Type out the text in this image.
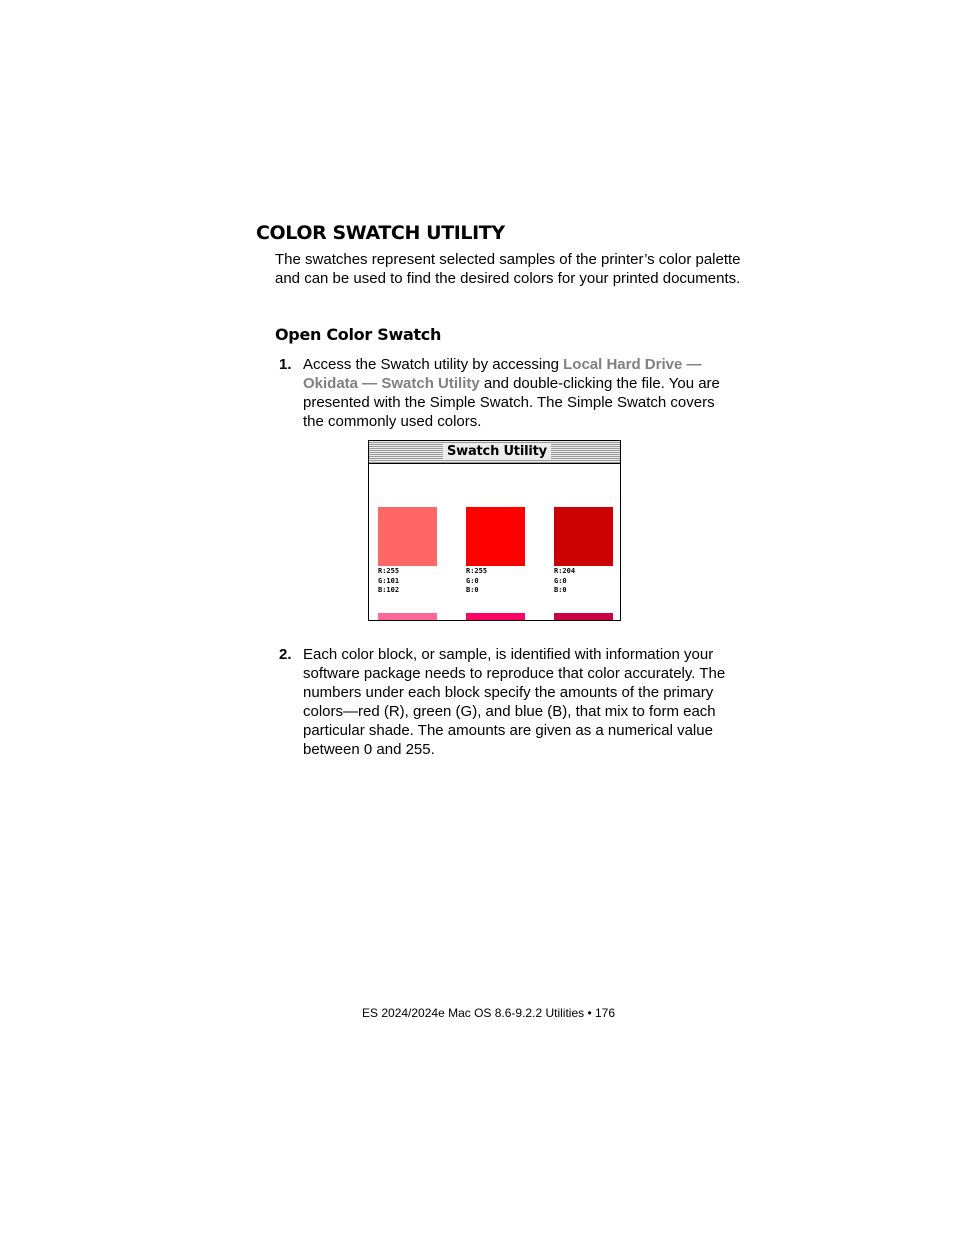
COLOR SWATCH UTILITY

The swatches represent selected samples of the printer’s color palette and can be used to find the desired colors for your printed documents.

Open Color Swatch
1. Access the Swatch utility by accessing Local Hard Drive — Okidata — Swatch Utility and double-clicking the file. You are presented with the Simple Swatch. The Simple Swatch covers the commonly used colors.

Swatch Utility
R:255
G:101
B:102
R:255
G:0
B:0
R:204
G:0
B:0
2. Each color block, or sample, is identified with information your software package needs to reproduce that color accurately. The numbers under each block specify the amounts of the primary colors—red (R), green (G), and blue (B), that mix to form each particular shade. The amounts are given as a numerical value between 0 and 255.

ES 2024/2024e Mac OS 8.6-9.2.2 Utilities • 176
